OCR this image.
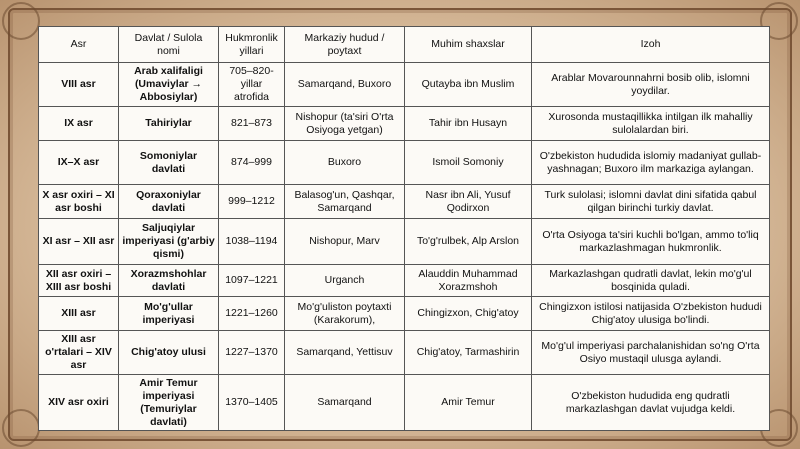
Asr	Davlat / Sulola nomi	Hukmronlik yillari	Markaziy hudud / poytaxt	Muhim shaxslar	Izoh
VIII asr	Arab xalifaligi (Umaviylar → Abbosiylar)	705–820-yillar atrofida	Samarqand, Buxoro	Qutayba ibn Muslim	Arablar Movarounnahrni bosib olib, islomni yoydilar.
IX asr	Tahiriylar	821–873	Nishopur (ta'siri O'rta Osiyoga yetgan)	Tahir ibn Husayn	Xurosonda mustaqillikka intilgan ilk mahalliy sulolalardan biri.
IX–X asr	Somoniylar davlati	874–999	Buxoro	Ismoil Somoniy	O'zbekiston hududida islomiy madaniyat gullab-yashnagan; Buxoro ilm markaziga aylangan.
X asr oxiri – XI asr boshi	Qoraxoniylar davlati	999–1212	Balasog'un, Qashqar, Samarqand	Nasr ibn Ali, Yusuf Qodirxon	Turk sulolasi; islomni davlat dini sifatida qabul qilgan birinchi turkiy davlat.
XI asr – XII asr	Saljuqiylar imperiyasi (g'arbiy qismi)	1038–1194	Nishopur, Marv	To'g'rulbek, Alp Arslon	O'rta Osiyoga ta'siri kuchli bo'lgan, ammo to'liq markazlashmagan hukmronlik.
XII asr oxiri – XIII asr boshi	Xorazmshohlar davlati	1097–1221	Urganch	Alauddin Muhammad Xorazmshoh	Markazlashgan qudratli davlat, lekin mo'g'ul bosqinida quladi.
XIII asr	Mo'g'ullar imperiyasi	1221–1260	Mo'g'uliston poytaxti (Karakorum),	Chingizxon, Chig'atoy	Chingizxon istilosi natijasida O'zbekiston hududi Chig'atoy ulusiga bo'lindi.
XIII asr o'rtalari – XIV asr	Chig'atoy ulusi	1227–1370	Samarqand, Yettisuv	Chig'atoy, Tarmashirin	Mo'g'ul imperiyasi parchalanishidan so'ng O'rta Osiyo mustaqil ulusga aylandi.
XIV asr oxiri	Amir Temur imperiyasi (Temuriylar davlati)	1370–1405	Samarqand	Amir Temur	O'zbekiston hududida eng qudratli markazlashgan davlat vujudga keldi.
